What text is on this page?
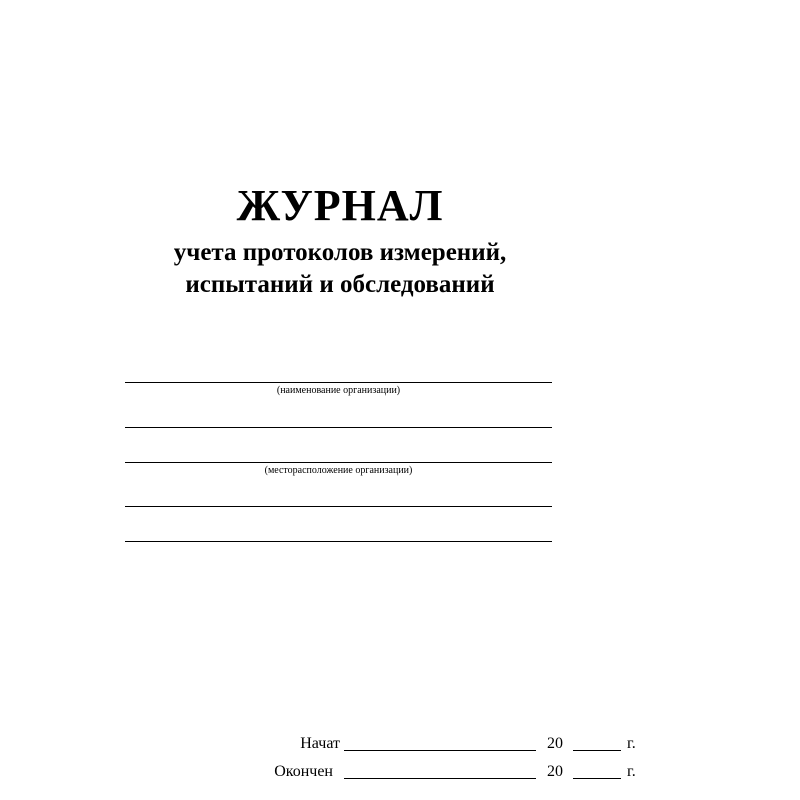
ЖУРНАЛ
учета протоколов измерений,
испытаний и обследований
(наименование организации)
(месторасположение организации)
Начат	20	г.
Окончен	20	г.
